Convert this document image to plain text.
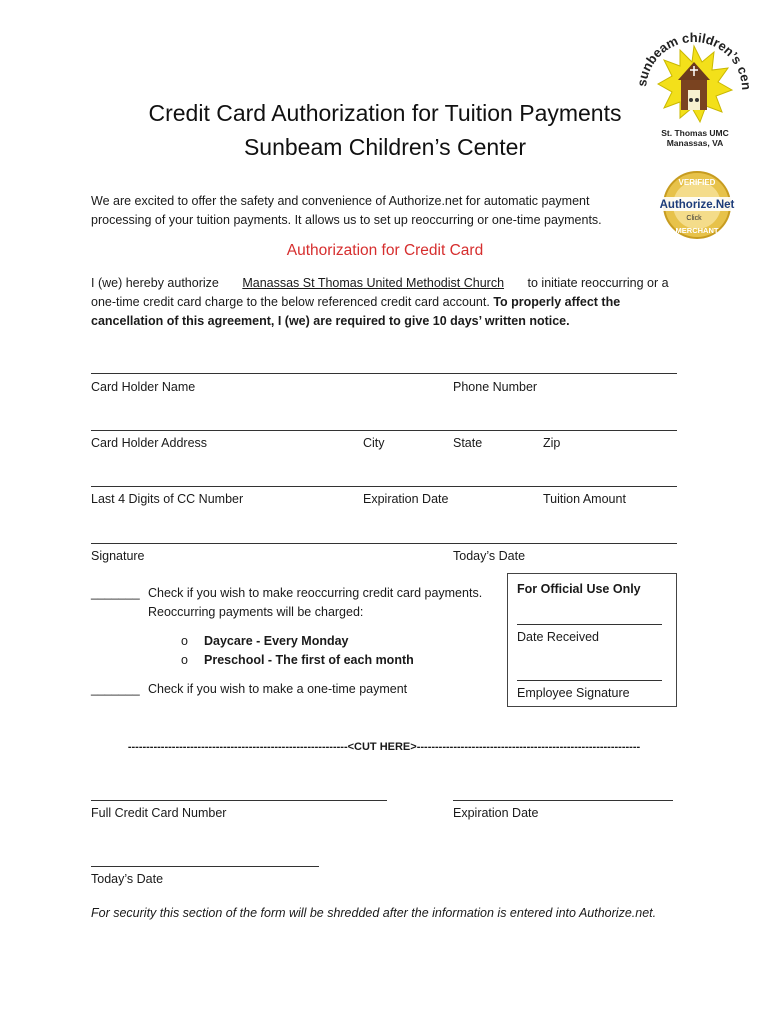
Credit Card Authorization for Tuition Payments
Sunbeam Children’s Center
sunbeam children’s cen
St. Thomas UMC
Manassas, VA
VERIFIED
Authorize.Net
Click
MERCHANT
We are excited to offer the safety and convenience of Authorize.net for automatic payment
processing of your tuition payments. It allows us to set up reoccurring or one-time payments.
Authorization for Credit Card
I (we) hereby authorize Manassas St Thomas United Methodist Church to initiate reoccurring or a
one-time credit card charge to the below referenced credit card account. To properly affect the
cancellation of this agreement, I (we) are required to give 10 days’ written notice.
Card Holder Name	Phone Number
Card Holder Address	City	State	Zip
Last 4 Digits of CC Number	Expiration Date	Tuition Amount
Signature	Today’s Date
_______ Check if you wish to make reoccurring credit card payments.
Reoccurring payments will be charged:
o Daycare - Every Monday
o Preschool - The first of each month
_______ Check if you wish to make a one-time payment
For Official Use Only
Date Received
Employee Signature
------------------------------------------------------------<CUT HERE>-------------------------------------------------------------
Full Credit Card Number	Expiration Date
Today’s Date
For security this section of the form will be shredded after the information is entered into Authorize.net.
